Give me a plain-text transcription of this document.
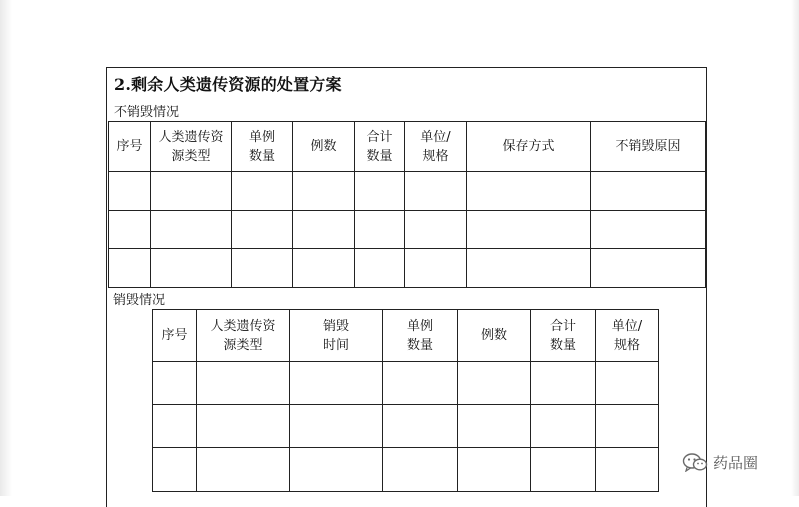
2.剩余人类遗传资源的处置方案
不销毁情况
序号	人类遗传资源类型	单例数量	例数	合计数量	单位/规格	保存方式	不销毁原因

销毁情况
序号	人类遗传资源类型	销毁时间	单例数量	例数	合计数量	单位/规格

药品圈
